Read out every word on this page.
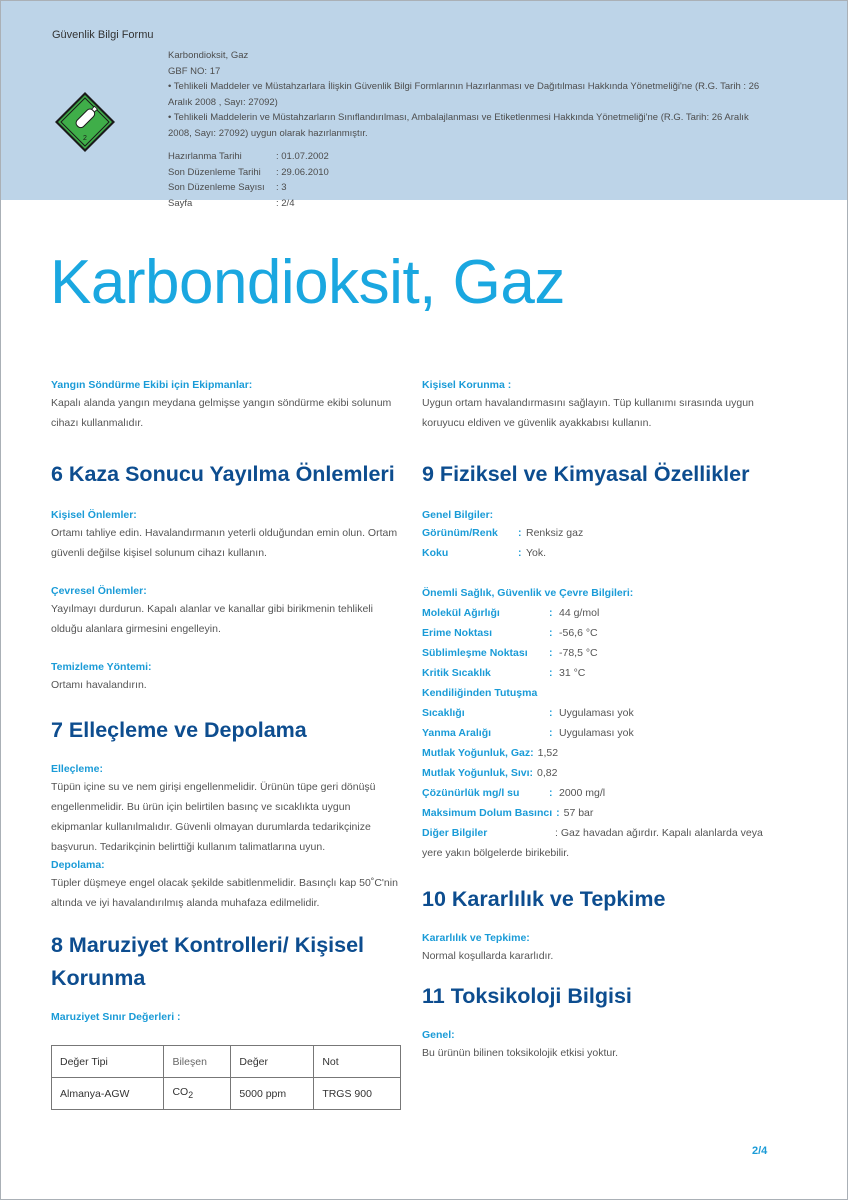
Güvenlik Bilgi Formu
2

Karbondioksit, Gaz

GBF NO: 17

• Tehlikeli Maddeler ve Müstahzarlara İlişkin Güvenlik Bilgi Formlarının Hazırlanması ve Dağıtılması Hakkında Yönetmeliği'ne (R.G. Tarih : 26 Aralık 2008 , Sayı: 27092)

• Tehlikeli Maddelerin ve Müstahzarların Sınıflandırılması, Ambalajlanması ve Etiketlenmesi Hakkında Yönetmeliği'ne (R.G. Tarih: 26 Aralık 2008, Sayı: 27092) uygun olarak hazırlanmıştır.

Hazırlanma Tarihi	: 01.07.2002
Son Düzenleme Tarihi	: 29.06.2010
Son Düzenleme Sayısı	: 3
Sayfa	: 2/4
Karbondioksit, Gaz

Yangın Söndürme Ekibi için Ekipmanlar:

Kapalı alanda yangın meydana gelmişse yangın söndürme ekibi solunum cihazı kullanmalıdır.

6 Kaza Sonucu Yayılma Önlemleri

Kişisel Önlemler:

Ortamı tahliye edin. Havalandırmanın yeterli olduğundan emin olun. Ortam güvenli değilse kişisel solunum cihazı kullanın.

Çevresel Önlemler:

Yayılmayı durdurun. Kapalı alanlar ve kanallar gibi birikmenin tehlikeli olduğu alanlara girmesini engelleyin.

Temizleme Yöntemi:

Ortamı havalandırın.

7 Elleçleme ve Depolama

Elleçleme:

Tüpün içine su ve nem girişi engellenmelidir. Ürünün tüpe geri dönüşü engellenmelidir. Bu ürün için belirtilen basınç ve sıcaklıkta uygun ekipmanlar kullanılmalıdır. Güvenli olmayan durumlarda tedarikçinize başvurun. Tedarikçinin belirttiği kullanım talimatlarına uyun.

Depolama:

Tüpler düşmeye engel olacak şekilde sabitlenmelidir. Basınçlı kap 50˚C'nin altında ve iyi havalandırılmış alanda muhafaza edilmelidir.

8 Maruziyet Kontrolleri/ Kişisel Korunma

Maruziyet Sınır Değerleri :

Değer Tipi	Bileşen	Değer	Not
Almanya-AGW	$CO_2$	5000 ppm	TRGS 900

Kişisel Korunma :

Uygun ortam havalandırmasını sağlayın. Tüp kullanımı sırasında uygun koruyucu eldiven ve güvenlik ayakkabısı kullanın.

9 Fiziksel ve Kimyasal Özellikler

Genel Bilgiler:

Görünüm/Renk	: Renksiz gaz
Koku	: Yok.

Önemli Sağlık, Güvenlik ve Çevre Bilgileri:

Molekül Ağırlığı	: 44 g/mol
Erime Noktası	: -56,6 °C
Süblimleşme Noktası	: -78,5 °C
Kritik Sıcaklık	: 31 °C
Kendiliğinden Tutuşma
Sıcaklığı	: Uygulaması yok
Yanma Aralığı	: Uygulaması yok
Mutlak Yoğunluk, Gaz : 1,52
Mutlak Yoğunluk, Sıvı : 0,82
Çözünürlük mg/l su	: 2000 mg/l
Maksimum Dolum Basıncı : 57 bar

Diğer Bilgiler	: Gaz havadan ağırdır. Kapalı alanlarda veya yere yakın bölgelerde birikebilir.

10 Kararlılık ve Tepkime

Kararlılık ve Tepkime:

Normal koşullarda kararlıdır.

11 Toksikoloji Bilgisi

Genel:

Bu ürünün bilinen toksikolojik etkisi yoktur.

2/4
